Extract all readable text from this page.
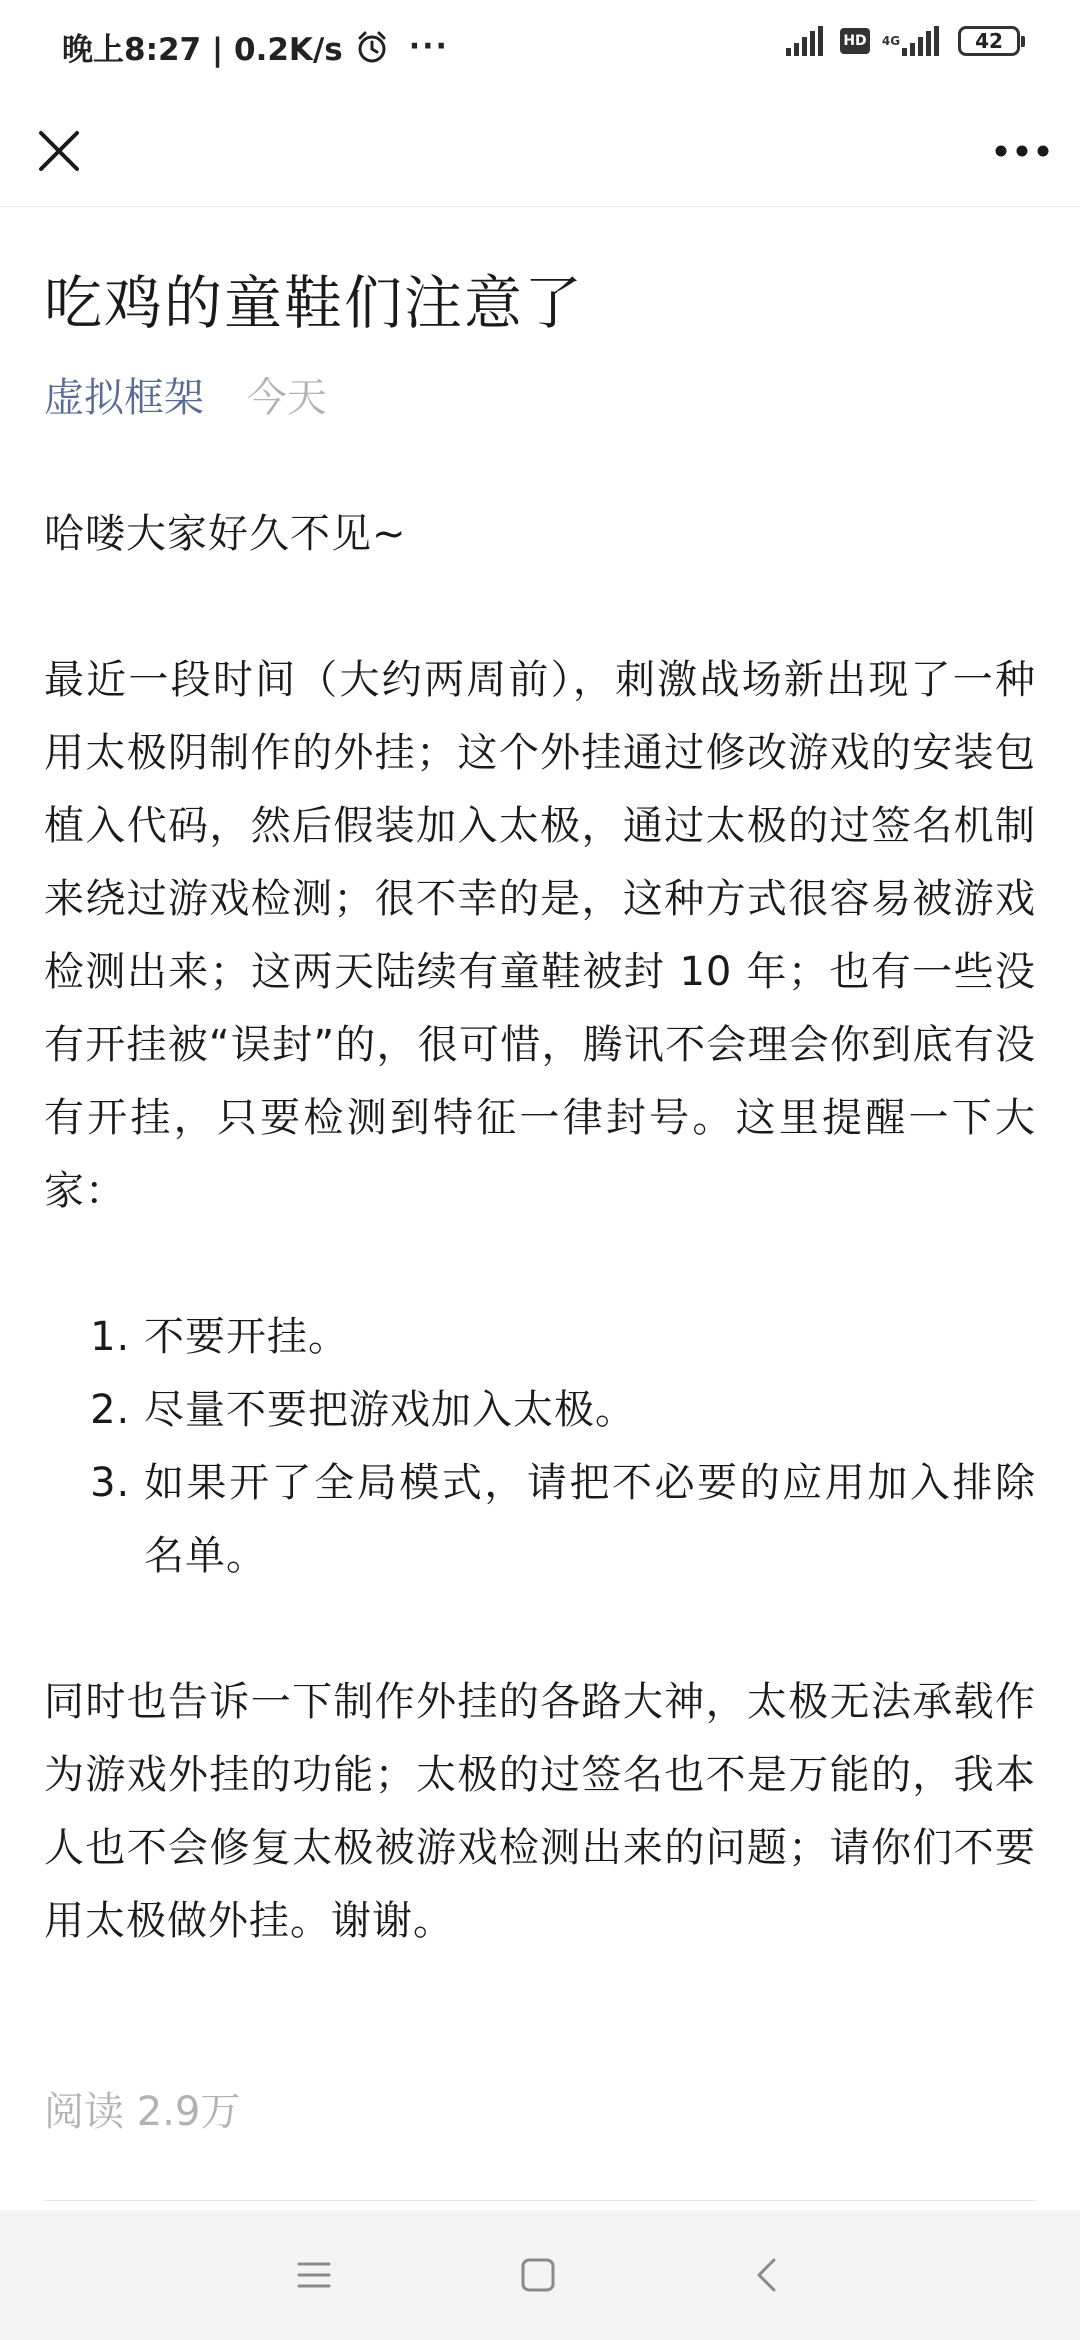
晚上8:27 | 0.2K/s ···	HD 4G	42
吃鸡的童鞋们注意了
虚拟框架 今天

哈喽大家好久不见~

最近一段时间（大约两周前），刺激战场新出现了一种用太极阴制作的外挂；这个外挂通过修改游戏的安装包植入代码，然后假装加入太极，通过太极的过签名机制来绕过游戏检测；很不幸的是，这种方式很容易被游戏检测出来；这两天陆续有童鞋被封 10 年；也有一些没有开挂被“误封”的，很可惜，腾讯不会理会你到底有没有开挂，只要检测到特征一律封号。这里提醒一下大家：

1. 不要开挂。
2. 尽量不要把游戏加入太极。
3. 如果开了全局模式，请把不必要的应用加入排除名单。

同时也告诉一下制作外挂的各路大神，太极无法承载作为游戏外挂的功能；太极的过签名也不是万能的，我本人也不会修复太极被游戏检测出来的问题；请你们不要用太极做外挂。谢谢。

阅读 2.9万
